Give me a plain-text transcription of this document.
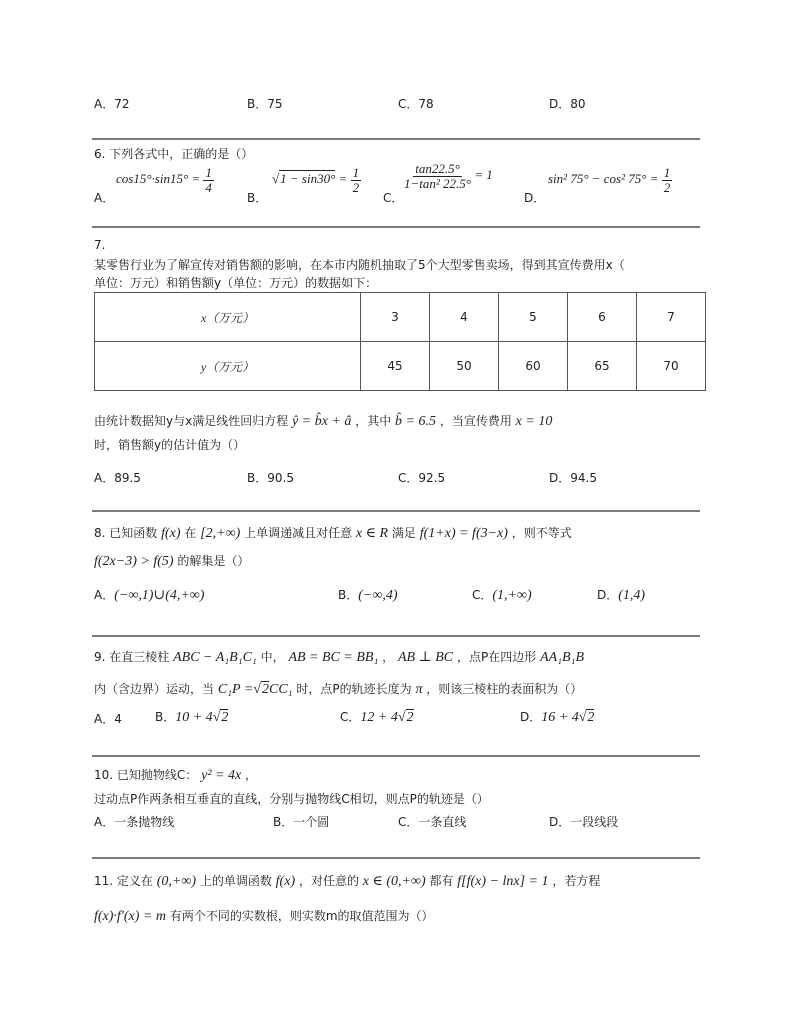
A．72	B．75	C．78	D．80
6. 下列各式中，正确的是（）
A．
$\cos 15^\circ\cdot\sin 15^\circ = \frac{1}{4}$
B．
$√1 - \sin 30^\circ = \frac{1}{2}$
C．
$\frac{\tan 22.5^\circ}{\text{1−tan² 22.5°}} = 1$
D．
sin² 75° − cos² $75^\circ = \frac{1}{2}$
7.
某零售行业为了解宣传对销售额的影响，在本市内随机抽取了5个大型零售卖场，得到其宣传费用x（
单位：万元）和销售额y（单位：万元）的数据如下：
x（万元）	3	4	5	6	7
y（万元）	45	50	60	65	70
由统计数据知y与x满足线性回归方程 ŷ = b̂x + â ，其中 b̂ = 6.5 ，当宣传费用 x = 10
时，销售额y的估计值为（）
A．89.5	B．90.5	C．92.5	D．94.5
8. 已知函数 f(x) 在 [2,+∞) 上单调递减且对任意 x ∈ R 满足 f(1+x) = f(3−x) ，则不等式
f(2x−3) > f(5) 的解集是（）
A．(−∞,1)∪(4,+∞)	B．(−∞,4)	C．(1,+∞)	D．(1,4)
9. 在直三棱柱 ABC − A₁B₁C₁ 中， AB = BC = BB₁ ， AB ⊥ BC ，点P在四边形 AA₁B₁B
内（含边界）运动，当 C₁P =√2CC₁ 时，点P的轨迹长度为 π ，则该三棱柱的表面积为（）
A．4	B．10 + 4√2	C．12 + 4√2	D．16 + 4√2
10. 已知抛物线C： y² = 4x ，
过动点P作两条相互垂直的直线，分别与抛物线C相切，则点P的轨迹是（）
A．一条抛物线	B．一个圆	C．一条直线	D．一段线段
11. 定义在 (0,+∞) 上的单调函数 f(x) ，对任意的 x ∈ (0,+∞) 都有 f[f(x) − lnx] = 1 ，若方程
f(x)·f′(x) = m 有两个不同的实数根，则实数m的取值范围为（）
